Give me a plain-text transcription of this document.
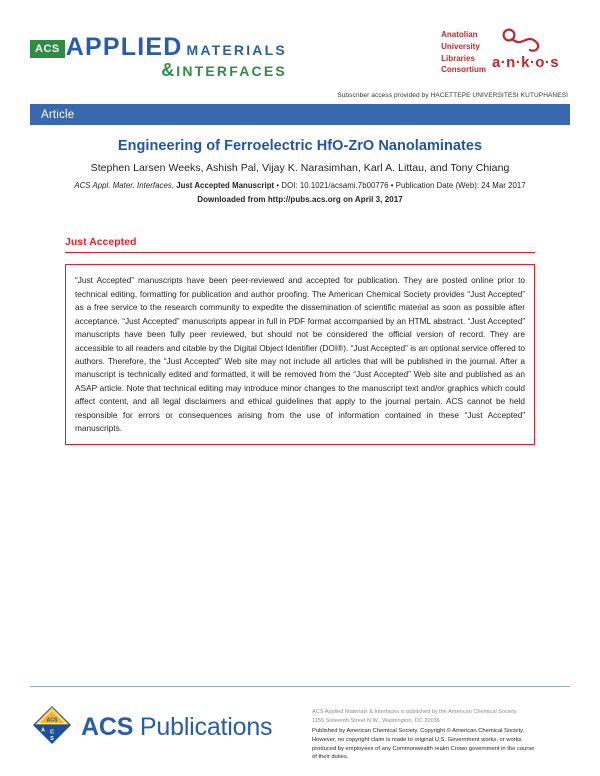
ACS APPLIED MATERIALS
& INTERFACES
Anatolian
University
Libraries
Consortium a·n·k·o·s
Subscriber access provided by HACETTEPE UNIVERSITESI KUTUPHANESI
Article
Engineering of Ferroelectric HfO-ZrO Nanolaminates
Stephen Larsen Weeks, Ashish Pal, Vijay K. Narasimhan, Karl A. Littau, and Tony Chiang
ACS Appl. Mater. Interfaces, Just Accepted Manuscript • DOI: 10.1021/acsami.7b00776 • Publication Date (Web): 24 Mar 2017
Downloaded from http://pubs.acs.org on April 3, 2017
Just Accepted
“Just Accepted” manuscripts have been peer-reviewed and accepted for publication. They are posted online prior to technical editing, formatting for publication and author proofing. The American Chemical Society provides “Just Accepted” as a free service to the research community to expedite the dissemination of scientific material as soon as possible after acceptance. “Just Accepted” manuscripts appear in full in PDF format accompanied by an HTML abstract. “Just Accepted” manuscripts have been fully peer reviewed, but should not be considered the official version of record. They are accessible to all readers and citable by the Digital Object Identifier (DOI®). “Just Accepted” is an optional service offered to authors. Therefore, the “Just Accepted” Web site may not include all articles that will be published in the journal. After a manuscript is technically edited and formatted, it will be removed from the “Just Accepted” Web site and published as an ASAP article. Note that technical editing may introduce minor changes to the manuscript text and/or graphics which could affect content, and all legal disclaimers and ethical guidelines that apply to the journal pertain. ACS cannot be held responsible for errors or consequences arising from the use of information contained in these “Just Accepted” manuscripts.
ACS
A C
S ACS Publications
ACS Applied Materials & Interfaces is published by the American Chemical Society.
1155 Sixteenth Street N.W., Washington, DC 20036
Published by American Chemical Society. Copyright © American Chemical Society.
However, no copyright claim is made to original U.S. Government works, or works
produced by employees of any Commonwealth realm Crown government in the course
of their duties.
